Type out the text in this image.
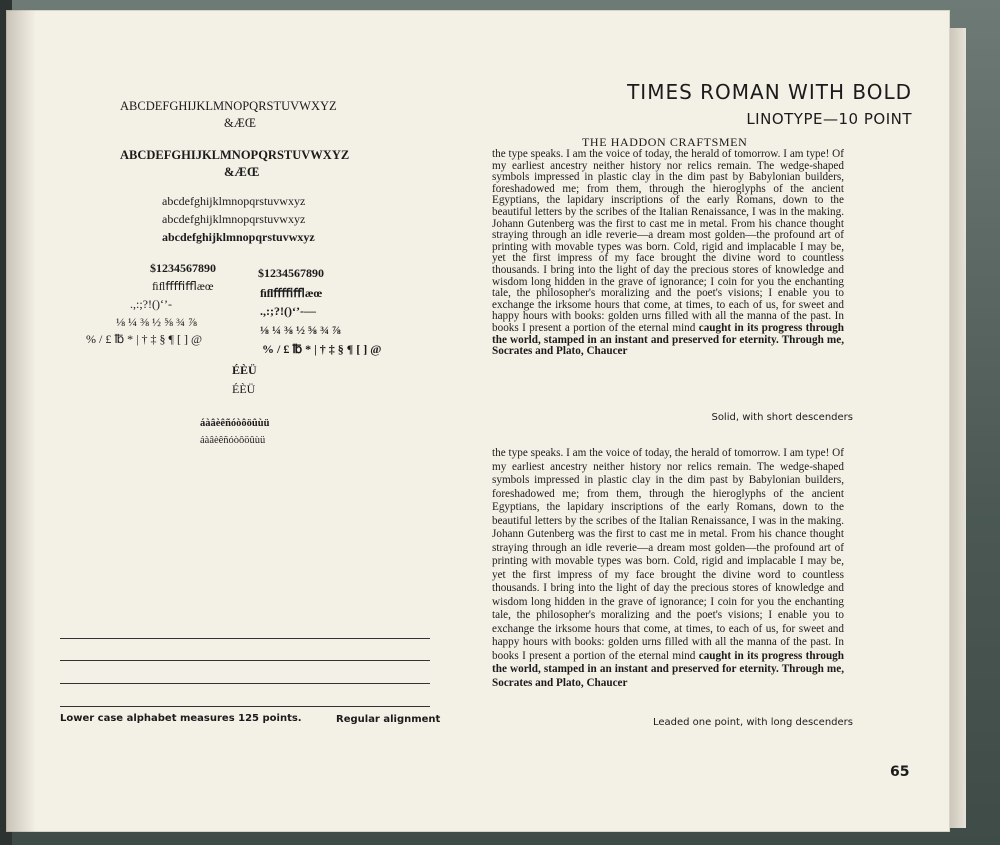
ABCDEFGHIJKLMNOPQRSTUVWXYZ
&ÆŒ
ABCDEFGHIJKLMNOPQRSTUVWXYZ
&ÆŒ
abcdefghijklmnopqrstuvwxyz
abcdefghijklmnopqrstuvwxyz
abcdefghijklmnopqrstuvwxyz
$1234567890	$1234567890
ﬁﬂﬀﬃﬄæœ	ﬁﬂﬀﬃﬄæœ
.,:;?!()‘’-	.,:;?!()‘’-—
⅛ ¼ ⅜ ½ ⅝ ¾ ⅞
⅛ ¼ ⅜ ½ ⅝ ¾ ⅞
% / £ ℔ * | † ‡ § ¶ [ ] @
% / £ ℔ * | † ‡ § ¶ [ ] @
ÉÈÜ
ÉÈÜ
áàâèêñóòôöûùü
áàâèêñóòôöûùü
Lower case alphabet measures 125 points.	Regular alignment
TIMES ROMAN WITH BOLD
LINOTYPE—10 POINT
THE HADDON CRAFTSMEN

the type speaks. I am the voice of today, the herald of tomorrow. I am type! Of my earliest ancestry neither history nor relics remain. The wedge-shaped symbols impressed in plastic clay in the dim past by Babylonian builders, foreshadowed me; from them, through the hieroglyphs of the ancient Egyptians, the lapidary inscriptions of the early Romans, down to the beautiful letters by the scribes of the Italian Renaissance, I was in the making. Johann Gutenberg was the first to cast me in metal. From his chance thought straying through an idle reverie—a dream most golden—the profound art of printing with movable types was born. Cold, rigid and implacable I may be, yet the first impress of my face brought the divine word to countless thousands. I bring into the light of day the precious stores of knowledge and wisdom long hidden in the grave of ignorance; I coin for you the enchanting tale, the philosopher's moralizing and the poet's visions; I enable you to exchange the irksome hours that come, at times, to each of us, for sweet and happy hours with books: golden urns filled with all the manna of the past. In books I present a portion of the eternal mind caught in its progress through the world, stamped in an instant and preserved for eternity. Through me, Socrates and Plato, Chaucer

Solid, with short descenders

the type speaks. I am the voice of today, the herald of tomorrow. I am type! Of my earliest ancestry neither history nor relics remain. The wedge-shaped symbols impressed in plastic clay in the dim past by Babylonian builders, foreshadowed me; from them, through the hieroglyphs of the ancient Egyptians, the lapidary inscriptions of the early Romans, down to the beautiful letters by the scribes of the Italian Renaissance, I was in the making. Johann Gutenberg was the first to cast me in metal. From his chance thought straying through an idle reverie—a dream most golden—the profound art of printing with movable types was born. Cold, rigid and implacable I may be, yet the first impress of my face brought the divine word to countless thousands. I bring into the light of day the precious stores of knowledge and wisdom long hidden in the grave of ignorance; I coin for you the enchanting tale, the philosopher's moralizing and the poet's visions; I enable you to exchange the irksome hours that come, at times, to each of us, for sweet and happy hours with books: golden urns filled with all the manna of the past. In books I present a portion of the eternal mind caught in its progress through the world, stamped in an instant and preserved for eternity. Through me, Socrates and Plato, Chaucer

Leaded one point, with long descenders
65
